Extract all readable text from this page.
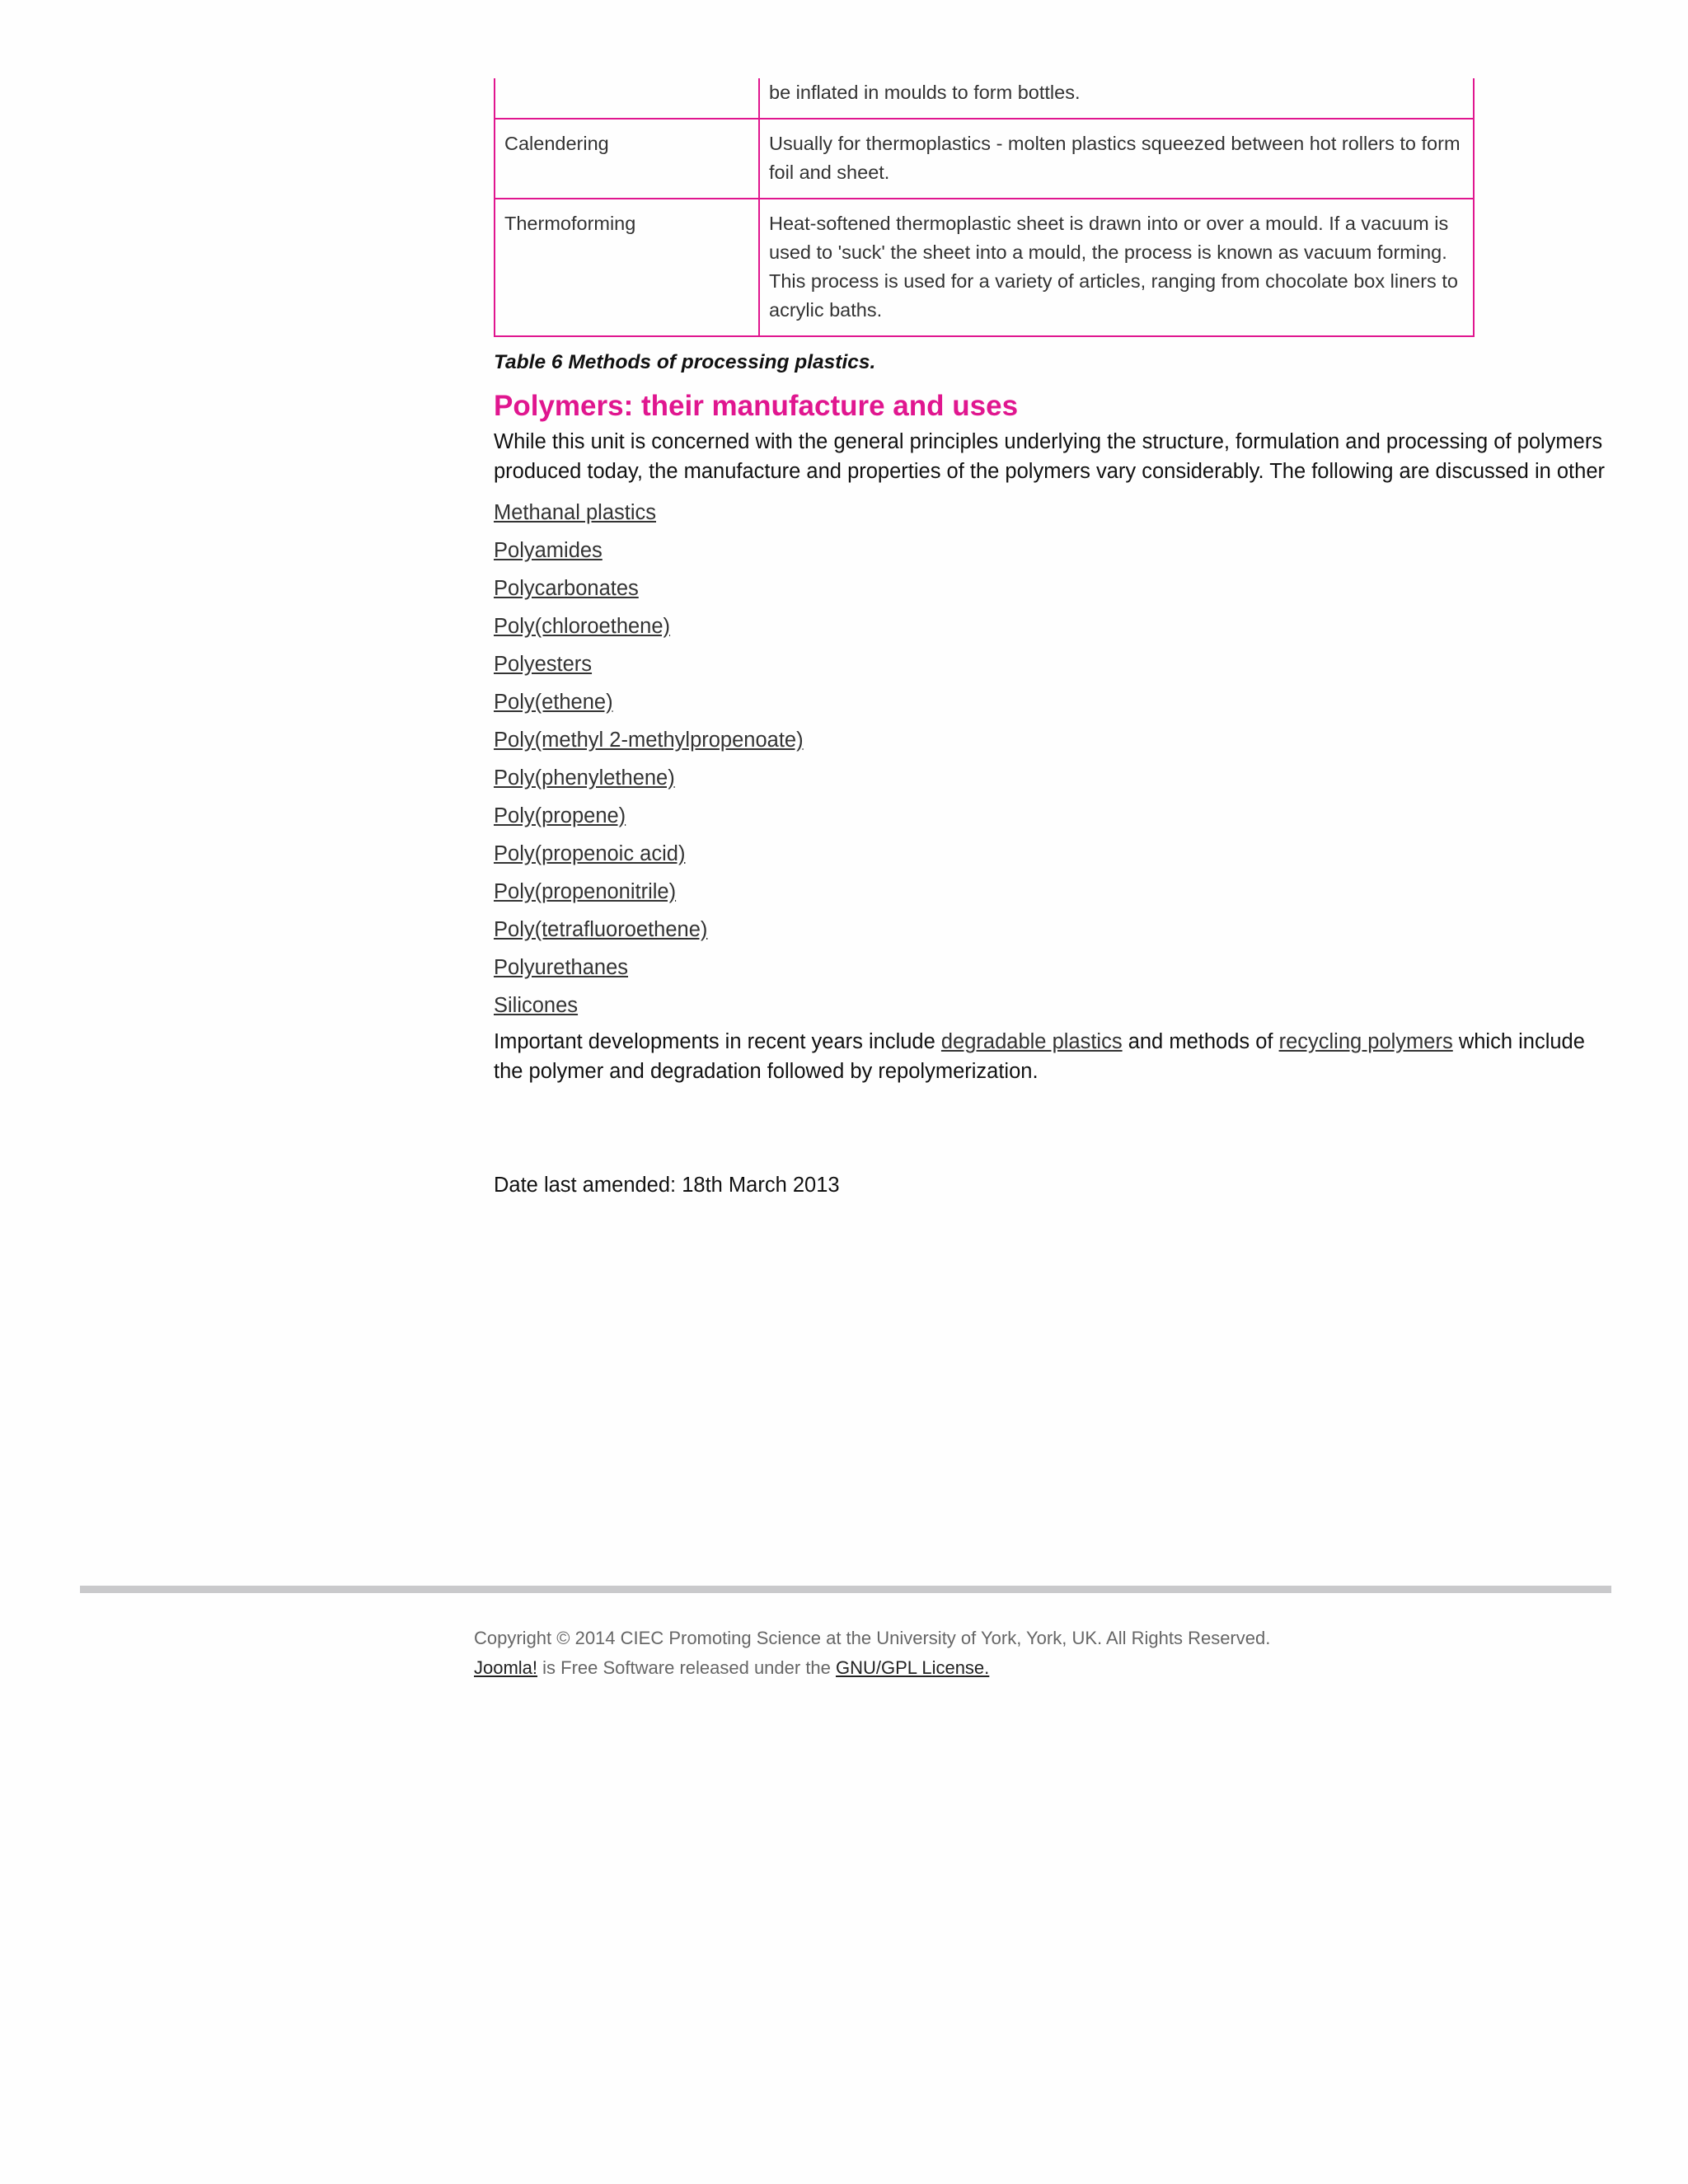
	be inflated in moulds to form bottles.
Calendering	Usually for thermoplastics - molten plastics squeezed between hot rollers to form foil and sheet.
Thermoforming	Heat-softened thermoplastic sheet is drawn into or over a mould. If a vacuum is used to 'suck' the sheet into a mould, the process is known as vacuum forming. This process is used for a variety of articles, ranging from chocolate box liners to acrylic baths.
Table 6 Methods of processing plastics.
Polymers: their manufacture and uses

While this unit is concerned with the general principles underlying the structure, formulation and processing of polymers
produced today, the manufacture and properties of the polymers vary considerably. The following are discussed in other

Methanal plastics
Polyamides
Polycarbonates
Poly(chloroethene)
Polyesters
Poly(ethene)
Poly(methyl 2-methylpropenoate)
Poly(phenylethene)
Poly(propene)
Poly(propenoic acid)
Poly(propenonitrile)
Poly(tetrafluoroethene)
Polyurethanes
Silicones

Important developments in recent years include degradable plastics and methods of recycling polymers which include
the polymer and degradation followed by repolymerization.

Date last amended: 18th March 2013

Copyright © 2014 CIEC Promoting Science at the University of York, York, UK. All Rights Reserved.
Joomla! is Free Software released under the GNU/GPL License.
